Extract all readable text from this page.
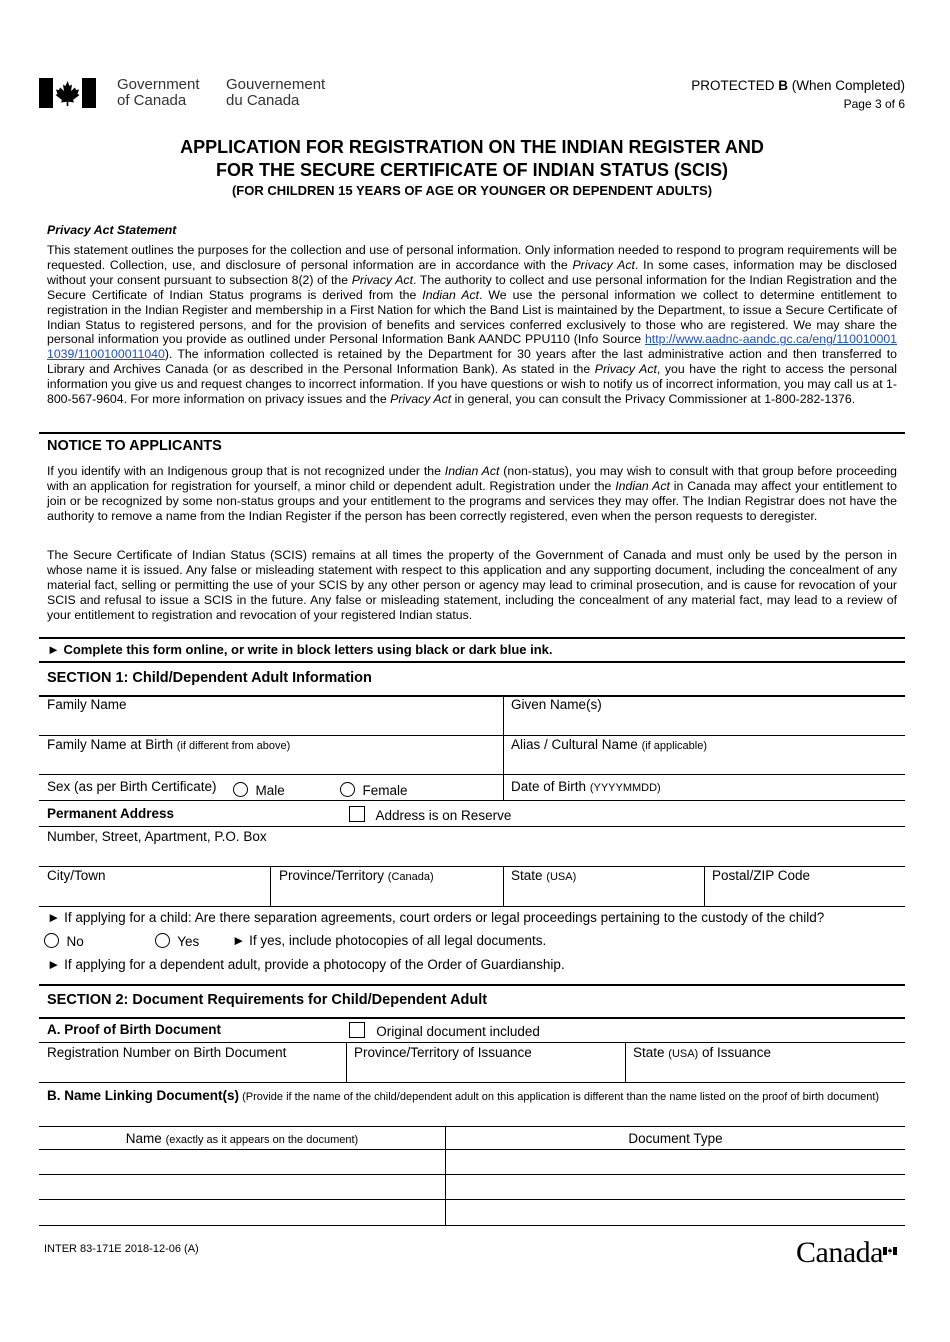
Government
of Canada
Gouvernement
du Canada
PROTECTED B (When Completed)
Page 3 of 6
APPLICATION FOR REGISTRATION ON THE INDIAN REGISTER AND
FOR THE SECURE CERTIFICATE OF INDIAN STATUS (SCIS)
(FOR CHILDREN 15 YEARS OF AGE OR YOUNGER OR DEPENDENT ADULTS)
Privacy Act Statement
This statement outlines the purposes for the collection and use of personal information. Only information needed to respond to program requirements will be requested. Collection, use, and disclosure of personal information are in accordance with the Privacy Act. In some cases, information may be disclosed without your consent pursuant to subsection 8(2) of the Privacy Act. The authority to collect and use personal information for the Indian Registration and the Secure Certificate of Indian Status programs is derived from the Indian Act. We use the personal information we collect to determine entitlement to registration in the Indian Register and membership in a First Nation for which the Band List is maintained by the Department, to issue a Secure Certificate of Indian Status to registered persons, and for the provision of benefits and services conferred exclusively to those who are registered. We may share the personal information you provide as outlined under Personal Information Bank AANDC PPU110 (Info Source http://www.aadnc-aandc.gc.ca/eng/1100100011039/1100100011040). The information collected is retained by the Department for 30 years after the last administrative action and then transferred to Library and Archives Canada (or as described in the Personal Information Bank). As stated in the Privacy Act, you have the right to access the personal information you give us and request changes to incorrect information. If you have questions or wish to notify us of incorrect information, you may call us at 1-800-567-9604. For more information on privacy issues and the Privacy Act in general, you can consult the Privacy Commissioner at 1-800-282-1376.
NOTICE TO APPLICANTS
If you identify with an Indigenous group that is not recognized under the Indian Act (non-status), you may wish to consult with that group before proceeding with an application for registration for yourself, a minor child or dependent adult. Registration under the Indian Act in Canada may affect your entitlement to join or be recognized by some non-status groups and your entitlement to the programs and services they may offer. The Indian Registrar does not have the authority to remove a name from the Indian Register if the person has been correctly registered, even when the person requests to deregister.
The Secure Certificate of Indian Status (SCIS) remains at all times the property of the Government of Canada and must only be used by the person in whose name it is issued. Any false or misleading statement with respect to this application and any supporting document, including the concealment of any material fact, selling or permitting the use of your SCIS by any other person or agency may lead to criminal prosecution, and is cause for revocation of your SCIS and refusal to issue a SCIS in the future. Any false or misleading statement, including the concealment of any material fact, may lead to a review of your entitlement to registration and revocation of your registered Indian status.
► Complete this form online, or write in block letters using black or dark blue ink.
SECTION 1: Child/Dependent Adult Information
Family Name	Given Name(s)
Family Name at Birth (if different from above)	Alias / Cultural Name (if applicable)
Sex (as per Birth Certificate)	Male	Female	Date of Birth (YYYYMMDD)
Permanent Address	Address is on Reserve
Number, Street, Apartment, P.O. Box
City/Town	Province/Territory (Canada)	State (USA)	Postal/ZIP Code
► If applying for a child: Are there separation agreements, court orders or legal proceedings pertaining to the custody of the child?
No	Yes ► If yes, include photocopies of all legal documents.
► If applying for a dependent adult, provide a photocopy of the Order of Guardianship.
SECTION 2: Document Requirements for Child/Dependent Adult
A. Proof of Birth Document	Original document included
Registration Number on Birth Document	Province/Territory of Issuance	State (USA) of Issuance
B. Name Linking Document(s) (Provide if the name of the child/dependent adult on this application is different than the name listed on the proof of birth document)
Name (exactly as it appears on the document)	Document Type
INTER 83-171E 2018-12-06 (A)	Canada
